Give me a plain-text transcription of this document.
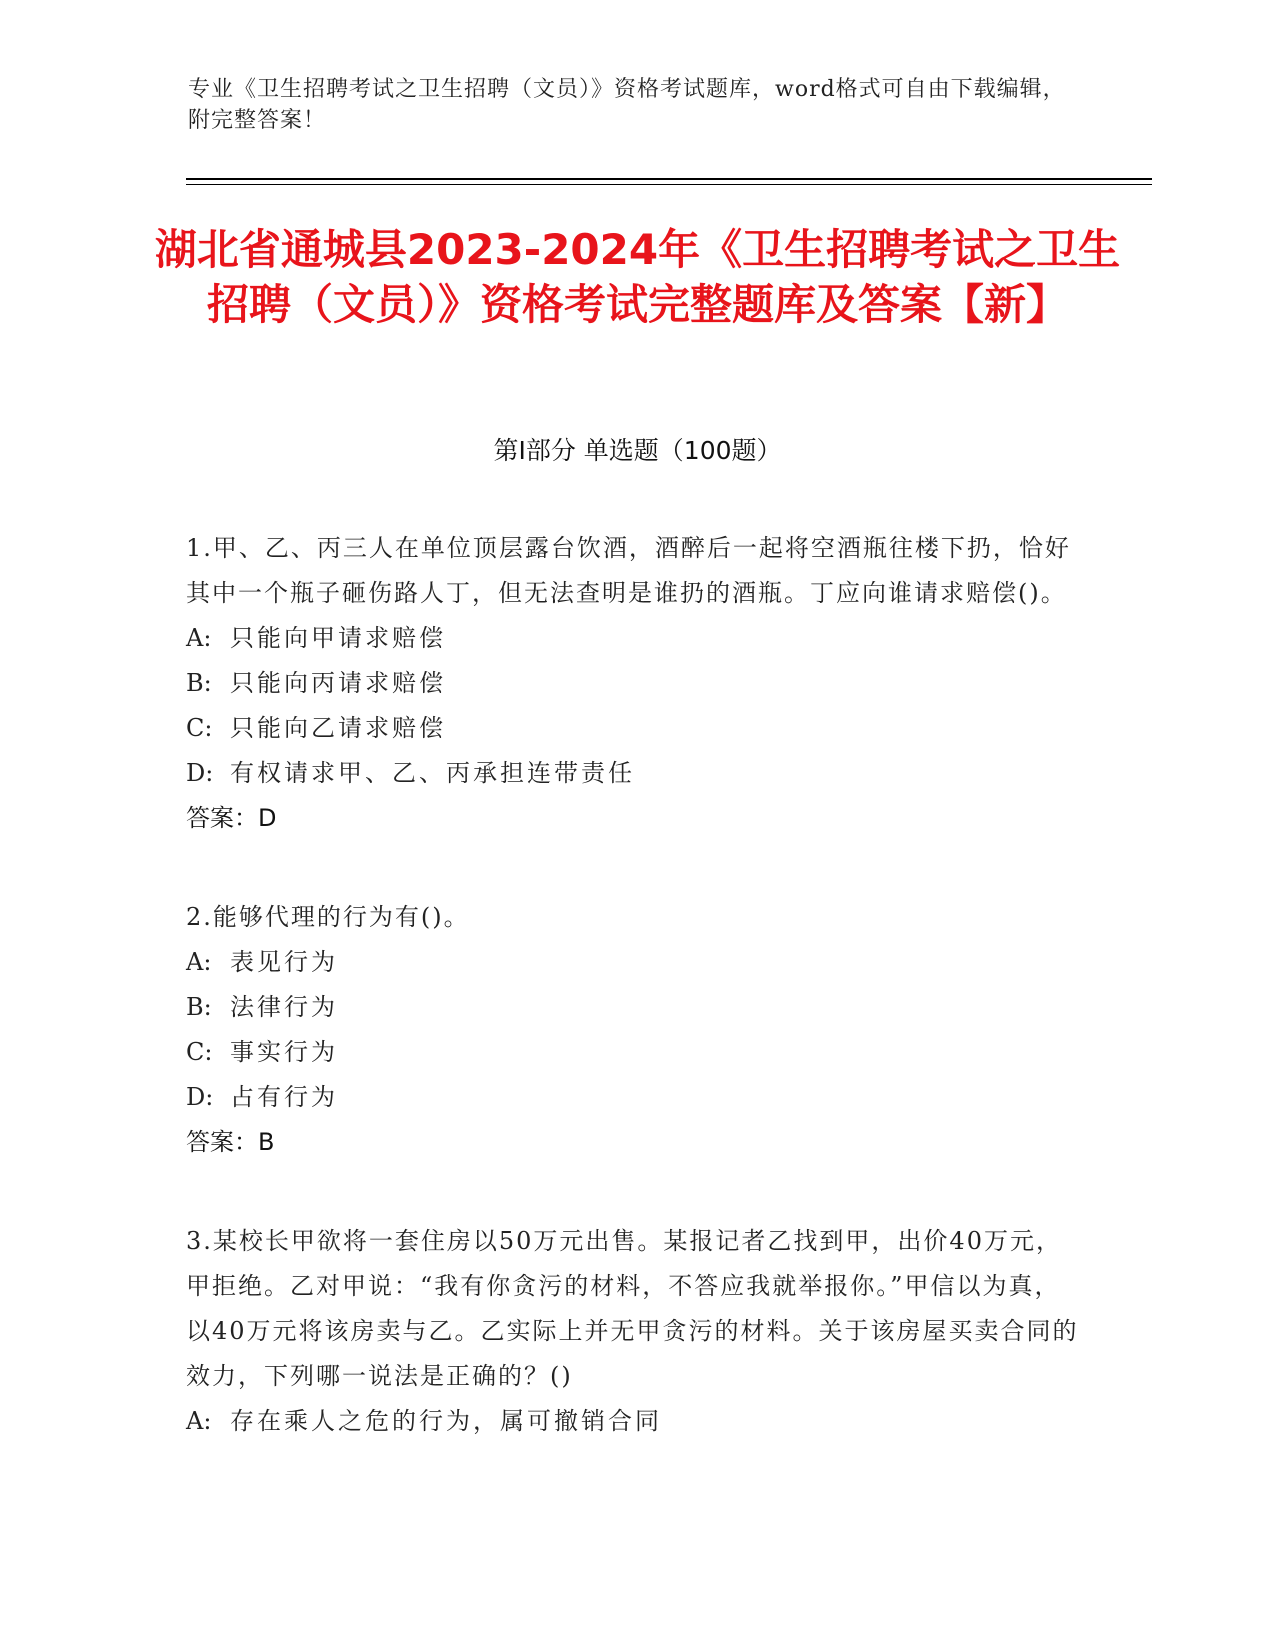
专业《卫生招聘考试之卫生招聘（文员）》资格考试题库，word格式可自由下载编辑，附完整答案！
湖北省通城县2023-2024年《卫生招聘考试之卫生招聘（文员）》资格考试完整题库及答案【新】
第Ⅰ部分 单选题（100题）

1.甲、乙、丙三人在单位顶层露台饮酒，酒醉后一起将空酒瓶往楼下扔，恰好其中一个瓶子砸伤路人丁，但无法查明是谁扔的酒瓶。丁应向谁请求赔偿()。

A: 只能向甲请求赔偿

B: 只能向丙请求赔偿

C: 只能向乙请求赔偿

D: 有权请求甲、乙、丙承担连带责任

答案：D

2.能够代理的行为有()。

A: 表见行为

B: 法律行为

C: 事实行为

D: 占有行为

答案：B

3.某校长甲欲将一套住房以50万元出售。某报记者乙找到甲，出价40万元，甲拒绝。乙对甲说：“我有你贪污的材料，不答应我就举报你。”甲信以为真，以40万元将该房卖与乙。乙实际上并无甲贪污的材料。关于该房屋买卖合同的效力，下列哪一说法是正确的？()

A: 存在乘人之危的行为，属可撤销合同
